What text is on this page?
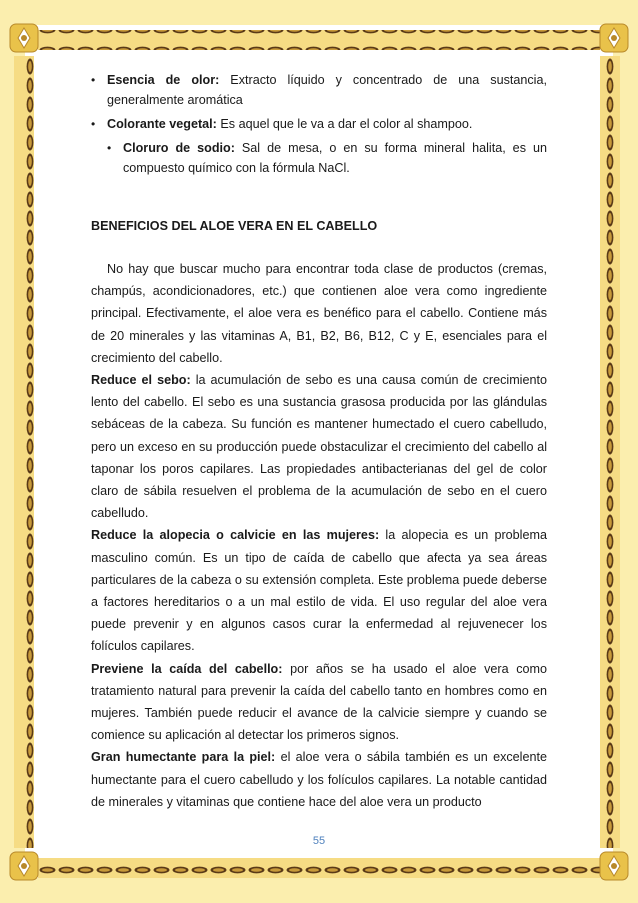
• Esencia de olor: Extracto líquido y concentrado de una sustancia, generalmente aromática
• Colorante vegetal: Es aquel que le va a dar el color al shampoo.
• Cloruro de sodio: Sal de mesa, o en su forma mineral halita, es un compuesto químico con la fórmula NaCl.
BENEFICIOS DEL ALOE VERA EN EL CABELLO
No hay que buscar mucho para encontrar toda clase de productos (cremas, champús, acondicionadores, etc.) que contienen aloe vera como ingrediente principal. Efectivamente, el aloe vera es benéfico para el cabello. Contiene más de 20 minerales y las vitaminas A, B1, B2, B6, B12, C y E, esenciales para el crecimiento del cabello.
Reduce el sebo: la acumulación de sebo es una causa común de crecimiento lento del cabello. El sebo es una sustancia grasosa producida por las glándulas sebáceas de la cabeza. Su función es mantener humectado el cuero cabelludo, pero un exceso en su producción puede obstaculizar el crecimiento del cabello al taponar los poros capilares. Las propiedades antibacterianas del gel de color claro de sábila resuelven el problema de la acumulación de sebo en el cuero cabelludo.
Reduce la alopecia o calvicie en las mujeres: la alopecia es un problema masculino común. Es un tipo de caída de cabello que afecta ya sea áreas particulares de la cabeza o su extensión completa. Este problema puede deberse a factores hereditarios o a un mal estilo de vida. El uso regular del aloe vera puede prevenir y en algunos casos curar la enfermedad al rejuvenecer los folículos capilares.
Previene la caída del cabello: por años se ha usado el aloe vera como tratamiento natural para prevenir la caída del cabello tanto en hombres como en mujeres. También puede reducir el avance de la calvicie siempre y cuando se comience su aplicación al detectar los primeros signos.
Gran humectante para la piel: el aloe vera o sábila también es un excelente humectante para el cuero cabelludo y los folículos capilares. La notable cantidad de minerales y vitaminas que contiene hace del aloe vera un producto
55
